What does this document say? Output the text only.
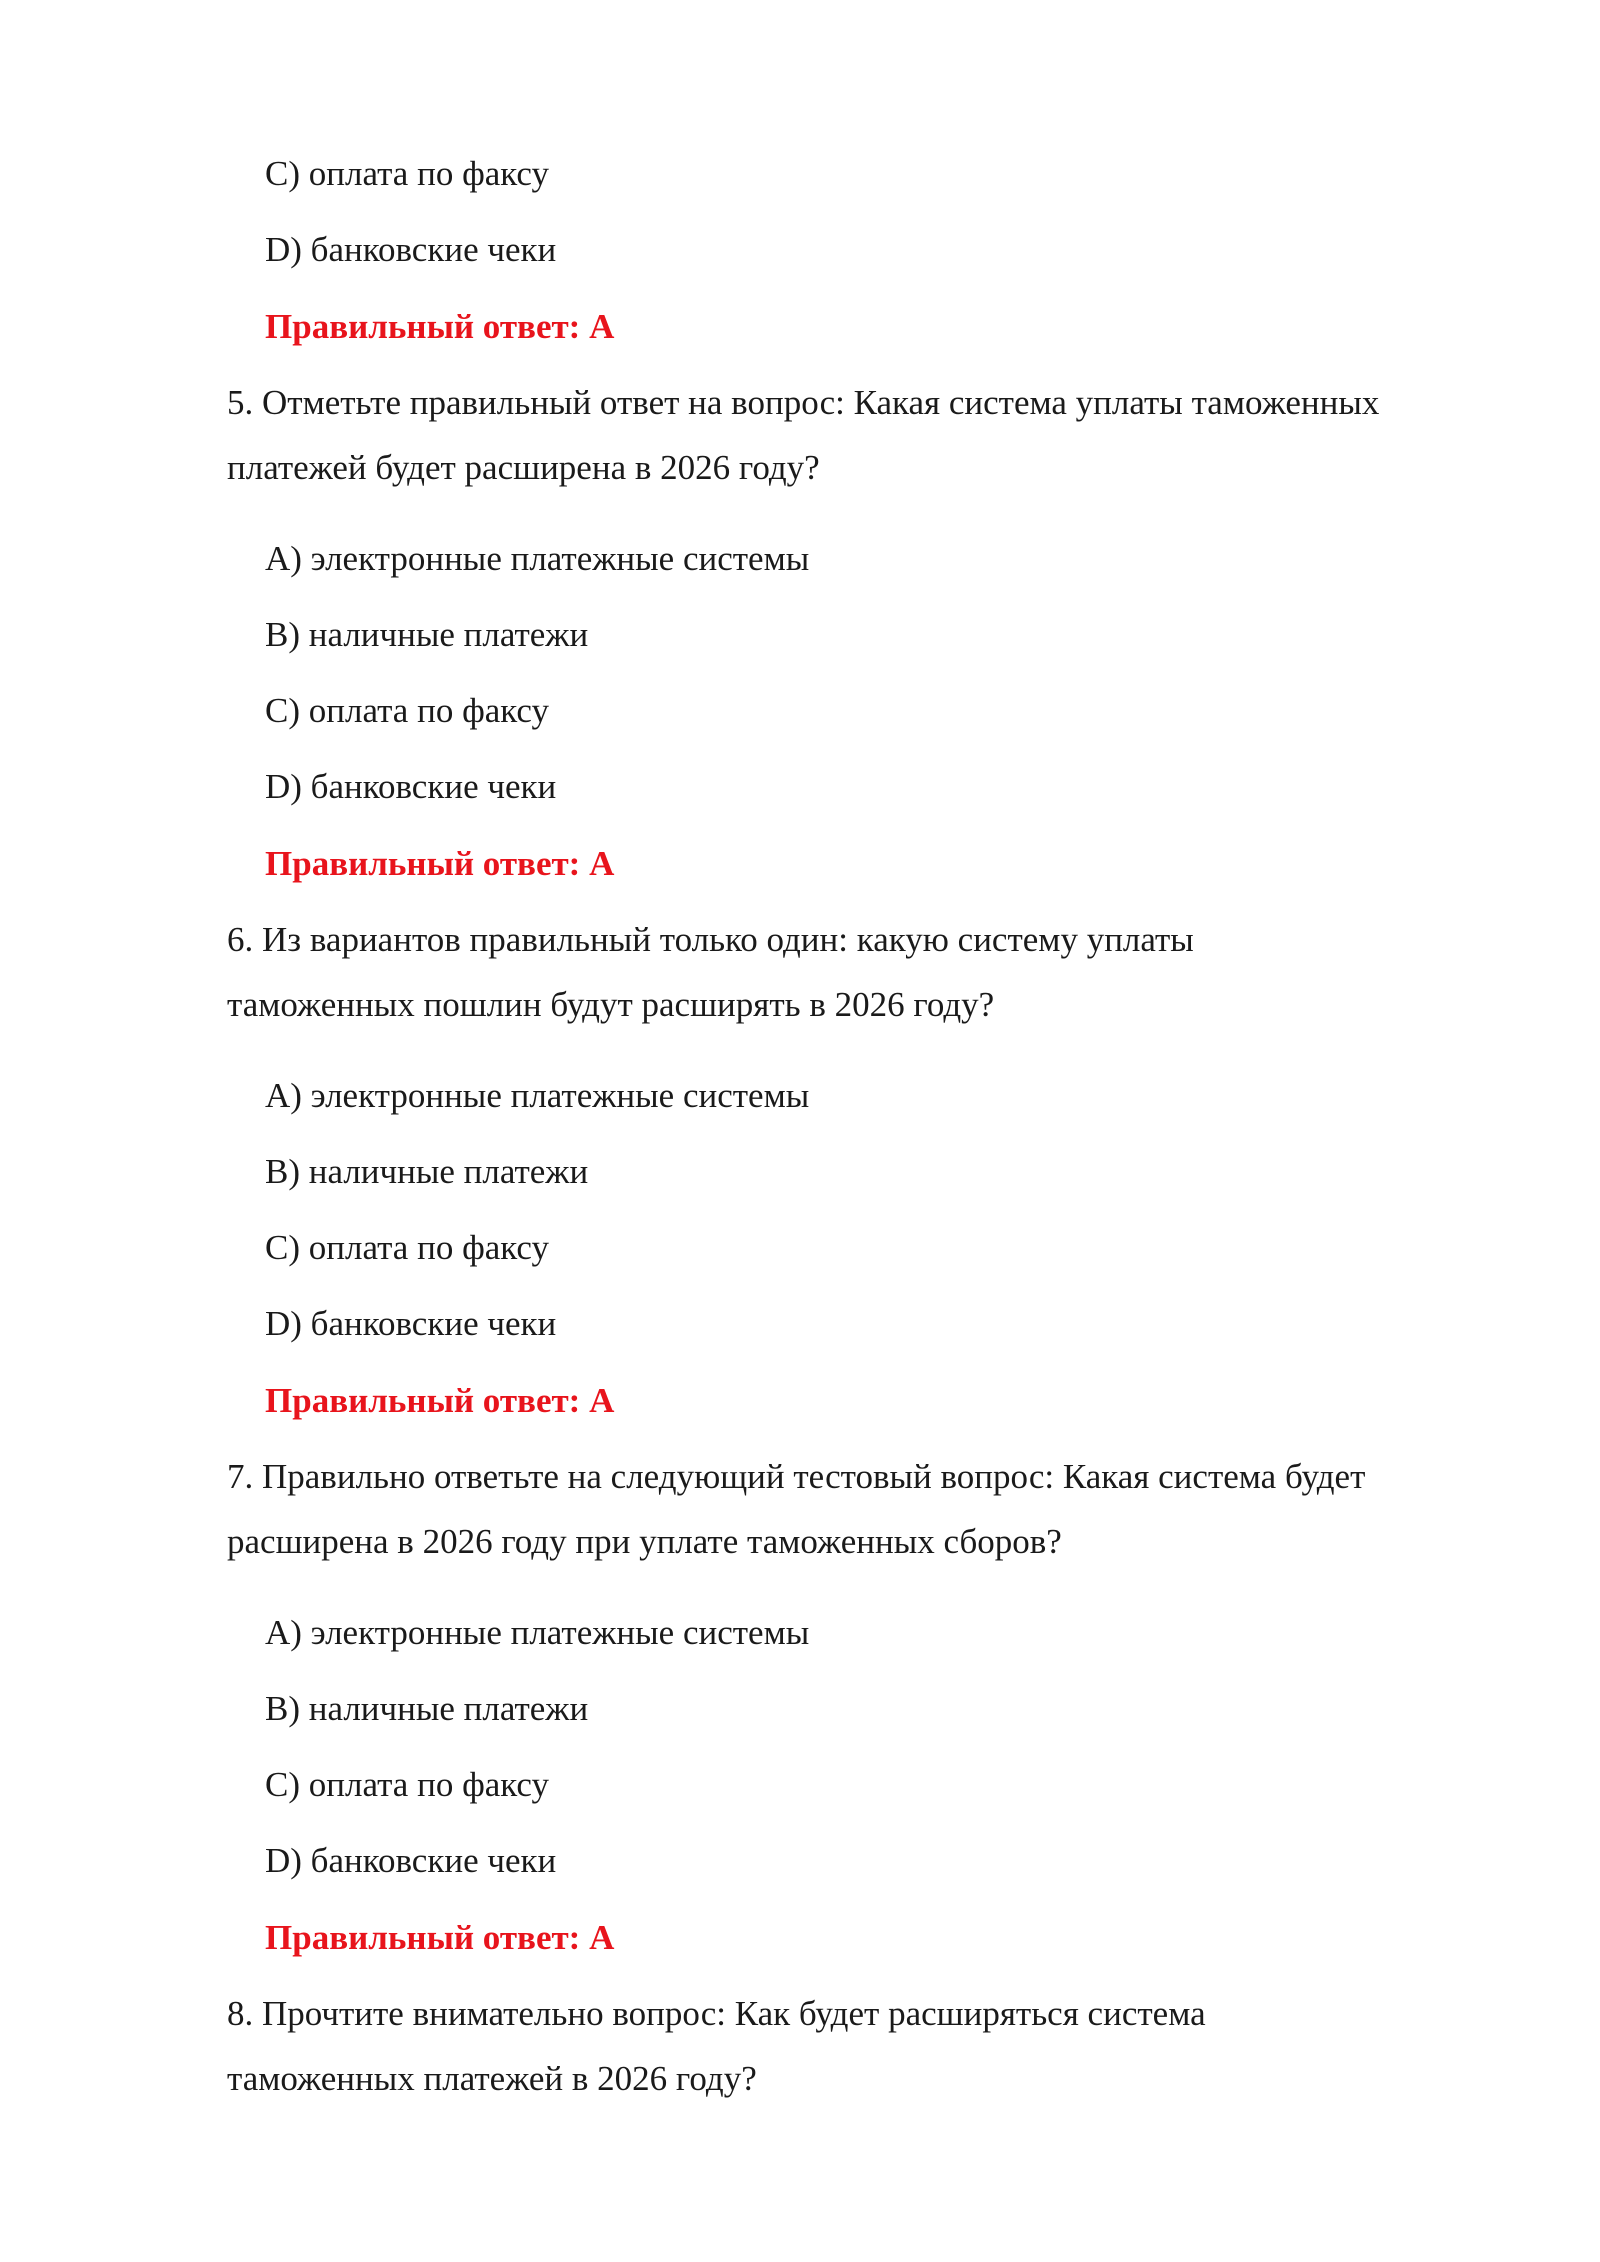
C) оплата по факсу
D) банковские чеки
Правильный ответ: A
5. Отметьте правильный ответ на вопрос: Какая система уплаты таможенных
платежей будет расширена в 2026 году?
A) электронные платежные системы
B) наличные платежи
C) оплата по факсу
D) банковские чеки
Правильный ответ: A
6. Из вариантов правильный только один: какую систему уплаты
таможенных пошлин будут расширять в 2026 году?
A) электронные платежные системы
B) наличные платежи
C) оплата по факсу
D) банковские чеки
Правильный ответ: A
7. Правильно ответьте на следующий тестовый вопрос: Какая система будет
расширена в 2026 году при уплате таможенных сборов?
A) электронные платежные системы
B) наличные платежи
C) оплата по факсу
D) банковские чеки
Правильный ответ: A
8. Прочтите внимательно вопрос: Как будет расширяться система
таможенных платежей в 2026 году?
